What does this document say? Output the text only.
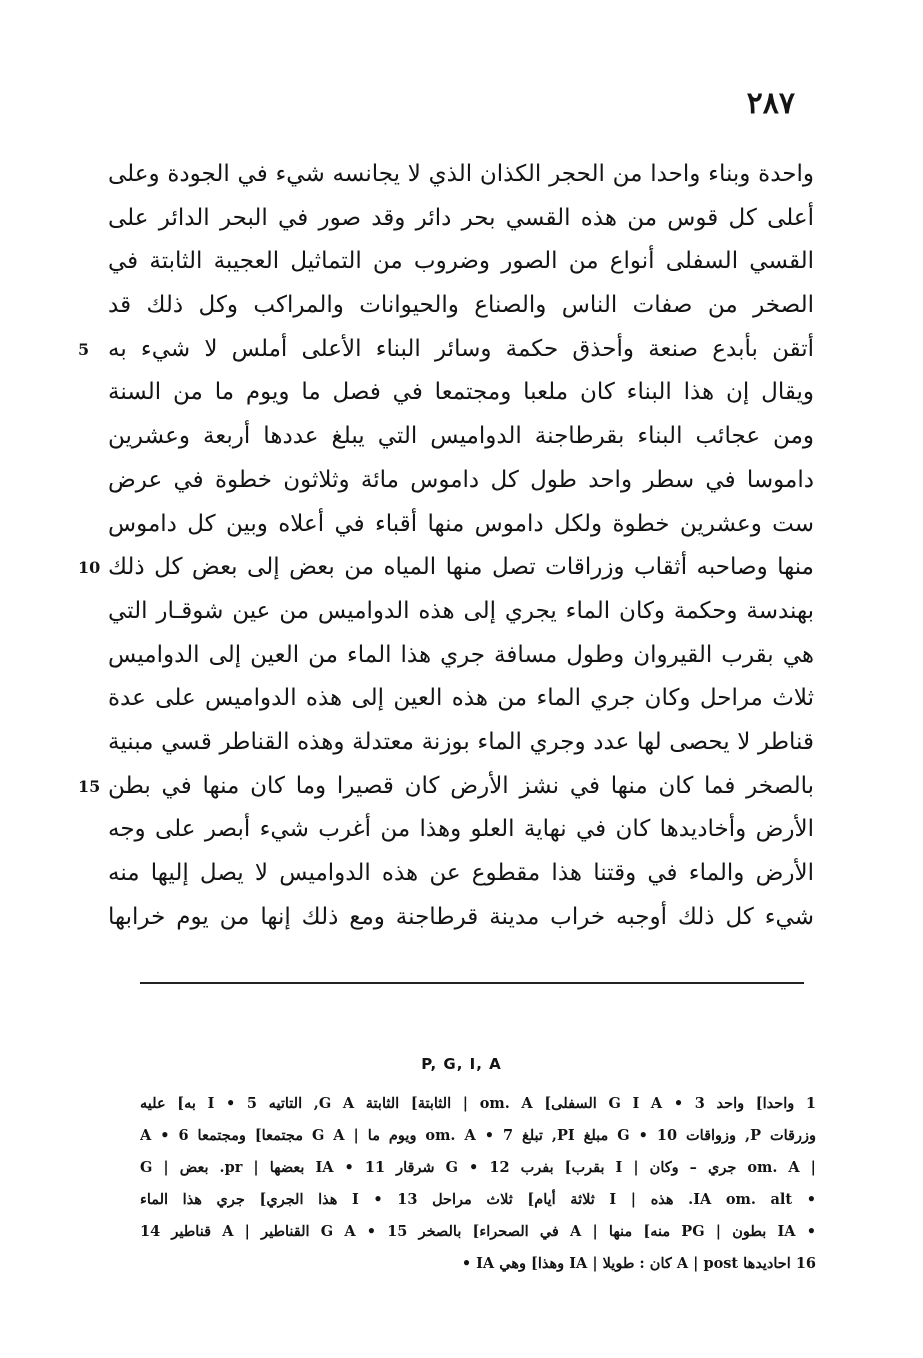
٢٨٧
واحدة وبناء واحدا من الحجر الكذان الذي لا يجانسه شيء في الجودة وعلى
أعلى كل قوس من هذه القسي بحر دائر وقد صور في البحر الدائر على
القسي السفلى أنواع من الصور وضروب من التماثيل العجيبة الثابتة في
الصخر من صفات الناس والصناع والحيوانات والمراكب وكل ذلك قد
أتقن بأبدع صنعة وأحذق حكمة وسائر البناء الأعلى أملس لا شيء به
ويقال إن هذا البناء كان ملعبا ومجتمعا في فصل ما ويوم ما من السنة
ومن عجائب البناء بقرطاجنة الدواميس التي يبلغ عددها أربعة وعشرين
داموسا في سطر واحد طول كل داموس مائة وثلاثون خطوة في عرض
ست وعشرين خطوة ولكل داموس منها أقباء في أعلاه وبين كل داموس
منها وصاحبه أثقاب وزراقات تصل منها المياه من بعض إلى بعض كل ذلك
بهندسة وحكمة وكان الماء يجري إلى هذه الدواميس من عين شوقـار التي
هي بقرب القيروان وطول مسافة جري هذا الماء من العين إلى الدواميس
ثلاث مراحل وكان جري الماء من هذه العين إلى هذه الدواميس على عدة
قناطر لا يحصى لها عدد وجري الماء بوزنة معتدلة وهذه القناطر قسي مبنية
بالصخر فما كان منها في نشز الأرض كان قصيرا وما كان منها في بطن
الأرض وأخاديدها كان في نهاية العلو وهذا من أغرب شيء أبصر على وجه
الأرض والماء في وقتنا هذا مقطوع عن هذه الدواميس لا يصل إليها منه
شيء كل ذلك أوجبه خراب مدينة قرطاجنة ومع ذلك إنها من يوم خرابها
5
10
15
P, G, I, A
1 واحدا] واحد G I A • 3 السفلى] om. A | الثابتة] الثابتة G A, التاتيه I • 5 به] عليه
وزرقات P, وزواقات 10 • G مبلغ PI, تبلغ 7 • om. A ويوم ما | G A مجتمعا] ومجتمعا 6 • A
| om. A جري – وكان | I بقرب] بفرب 12 • G شرقار 11 • IA بعضها | pr. بعض | G
• IA om. alt. هذه | I ثلاثة أيام] ثلاث مراحل 13 • I هذا الجري] جري هذا الماء
• IA بطون | PG منه] منها | A في الصحراء] بالصخر 15 • G A القناطير | A قناطير 14
16 احاديدها A | post كان : طويلا | IA وهذا] وهي IA •
